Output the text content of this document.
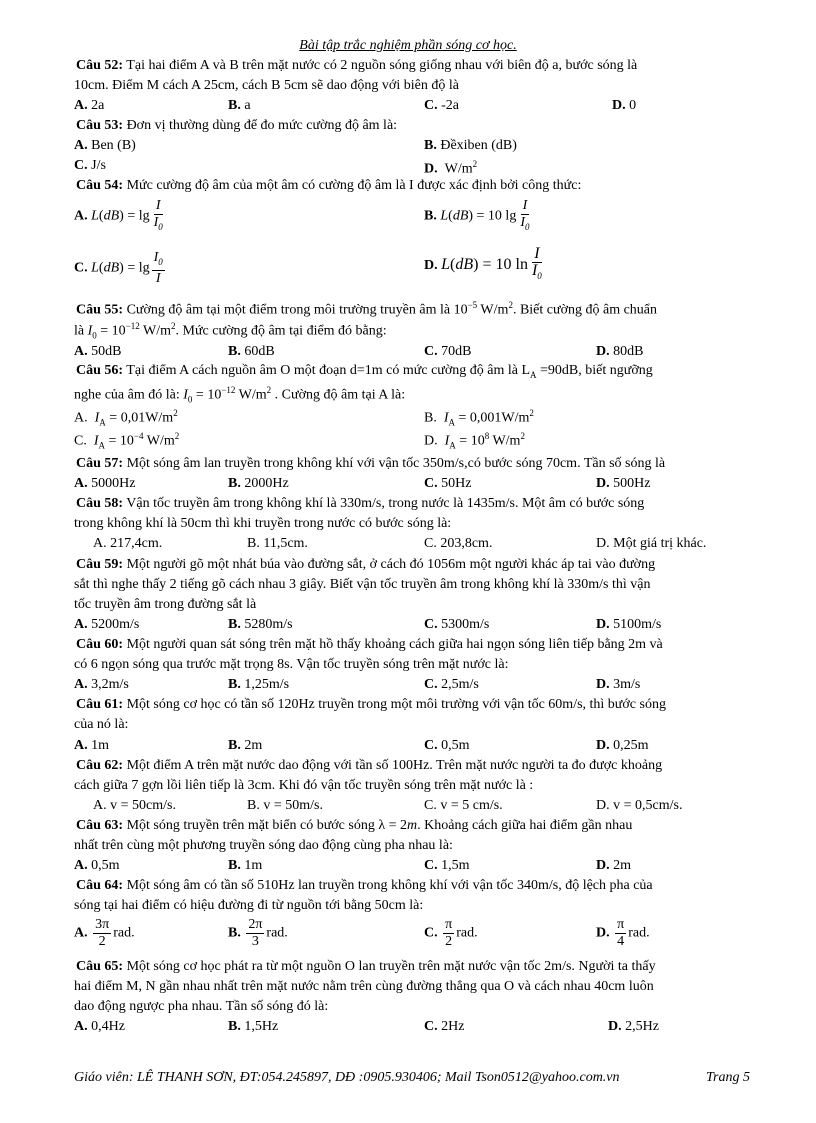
Bài tập trắc nghiệm phần sóng cơ học.
Câu 52: Tại hai điểm A và B trên mặt nước có 2 nguồn sóng giống nhau với biên độ a, bước sóng là
10cm. Điểm M cách A 25cm, cách B 5cm sẽ dao động với biên độ là
A. 2a	B. a	C. -2a	D. 0
Câu 53: Đơn vị thường dùng để đo mức cường độ âm là:
A. Ben (B)	B. Đềxiben (dB)
C. J/s	D. $W/m^2$
Câu 54: Mức cường độ âm của một âm có cường độ âm là I được xác định bởi công thức:
A. $L(dB) = \lg \frac{I}{I_0}$	B. L(dB) = 10 $\lg \frac{I}{I_0}$
C. $L(dB) = \lg \frac{I_0}{I}$	D. L(dB) = 10 $\ln \frac{I}{I_0}$
Câu 55: Cường độ âm tại một điểm trong môi trường truyền âm là $10^{-5}$ $W/m^2$. Biết cường độ âm chuẩn
là $I_0 = 10^{-12}$ $W/m^2$. Mức cường độ âm tại điểm đó bằng:
A. 50dB	B. 60dB	C. 70dB	D. 80dB
Câu 56: Tại điểm A cách nguồn âm O một đoạn d=1m có mức cường độ âm là $L_A =90dB$, biết ngưỡng
nghe của âm đó là: $I_0 = 10^{-12}$ $W/m^2$ . Cường độ âm tại A là:
A.  $I_A = 0,01W/m^2$	B.  $I_A = 0,001W/m^2$
C.  $I_A = 10^{-4}$ $W/m^2$	D.  $I_A = 10^8$ $W/m^2$
Câu 57: Một sóng âm lan truyền trong không khí với vận tốc 350m/s,có bước sóng 70cm. Tần số sóng là
A. 5000Hz	B. 2000Hz	C. 50Hz	D. 500Hz
Câu 58: Vận tốc truyền âm trong không khí là 330m/s, trong nước là 1435m/s. Một âm có bước sóng
trong không khí là 50cm thì khi truyền trong nước có bước sóng là:
A. 217,4cm.	B. 11,5cm.	C. 203,8cm.	D. Một giá trị khác.
Câu 59: Một người gõ một nhát búa vào đường sắt, ở cách đó 1056m một người khác áp tai vào đường
sắt thì nghe thấy 2 tiếng gõ cách nhau 3 giây. Biết vận tốc truyền âm trong không khí là 330m/s thì vận
tốc truyền âm trong đường sắt là
A. 5200m/s	B. 5280m/s	C. 5300m/s	D. 5100m/s
Câu 60: Một người quan sát sóng trên mặt hồ thấy khoảng cách giữa hai ngọn sóng liên tiếp bằng 2m và
có 6 ngọn sóng qua trước mặt trọng 8s. Vận tốc truyền sóng trên mặt nước là:
A. 3,2m/s	B. 1,25m/s	C. 2,5m/s	D. 3m/s
Câu 61: Một sóng cơ học có tần số 120Hz truyền trong một môi trường với vận tốc 60m/s, thì bước sóng
của nó là:
A. 1m	B. 2m	C. 0,5m	D. 0,25m
Câu 62: Một điểm A trên mặt nước dao động với tần số 100Hz. Trên mặt nước người ta đo được khoảng
cách giữa 7 gợn lồi liên tiếp là 3cm. Khi đó vận tốc truyền sóng trên mặt nước là :
A. v = 50cm/s.	B. v = 50m/s.	C. v = 5 cm/s.	D. v = 0,5cm/s.
Câu 63: Một sóng truyền trên mặt biển có bước sóng λ = 2m. Khoảng cách giữa hai điểm gần nhau
nhất trên cùng một phương truyền sóng dao động cùng pha nhau là:
A. 0,5m	B. 1m	C. 1,5m	D. 2m
Câu 64: Một sóng âm có tần số 510Hz lan truyền trong không khí với vận tốc 340m/s, độ lệch pha của
sóng tại hai điểm có hiệu đường đi từ nguồn tới bằng 50cm là:
A. $\frac{3\pi}{2}$ rad.	B. $\frac{2\pi}{3}$ rad.	C. $\frac{\pi}{2}$ rad.	D. $\frac{\pi}{4}$ rad.
Câu 65: Một sóng cơ học phát ra từ một nguồn O lan truyền trên mặt nước vận tốc 2m/s. Người ta thấy
hai điểm M, N gần nhau nhất trên mặt nước nằm trên cùng đường thẳng qua O và cách nhau 40cm luôn
dao động ngược pha nhau. Tần số sóng đó là:
A. 0,4Hz	B. 1,5Hz	C. 2Hz	D. 2,5Hz
Giáo viên: LÊ THANH SƠN, ĐT:054.245897, DĐ :0905.930406; Mail Tson0512@yahoo.com.vn	Trang 5
